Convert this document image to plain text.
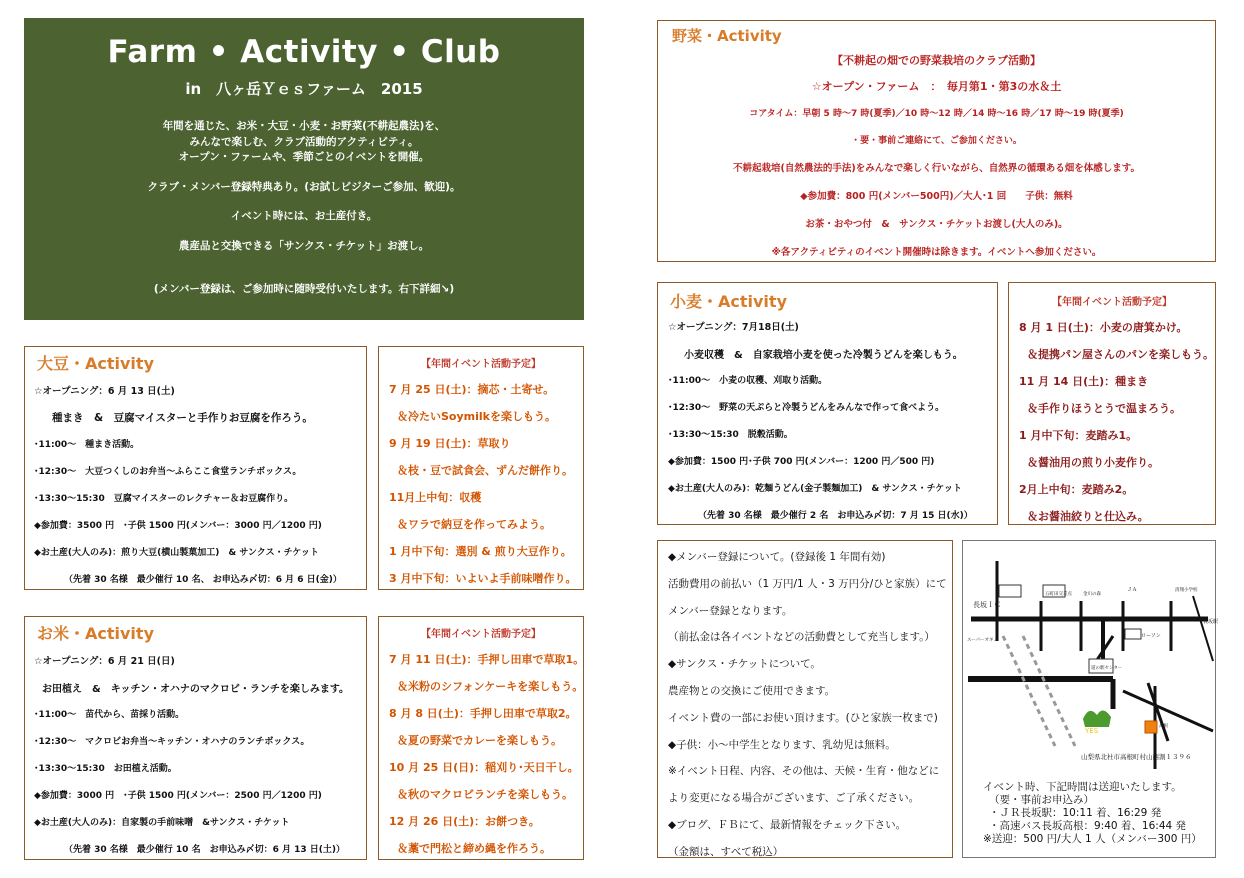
Farm • Activity • Club
in　八ヶ岳Ｙｅｓファーム　2015
年間を通じた、お米・大豆・小麦・お野菜(不耕起農法)を、
みんなで楽しむ、クラブ活動的アクティビティ。
オープン・ファームや、季節ごとのイベントを開催。
クラブ・メンバー登録特典あり。(お試しビジターご参加、歓迎)。
イベント時には、お土産付き。
農産品と交換できる「サンクス・チケット」お渡し。
(メンバー登録は、ご参加時に随時受付いたします。右下詳細↘)
大豆・Activity
☆オープニング：6 月 13 日(土)
種まき　&　豆腐マイスターと手作りお豆腐を作ろう。
･11:00～　種まき活動。
･12:30～　大豆つくしのお弁当～ふらここ食堂ランチボックス。
･13:30～15:30　豆腐マイスターのレクチャー＆お豆腐作り。
◆参加費：3500 円　･子供 1500 円(メンバー：3000 円／1200 円)
◆お土産(大人のみ)：煎り大豆(横山製菓加工)　& サンクス・チケット
（先着 30 名様　最少催行 10 名、 お申込み〆切：6 月 6 日(金)）
【年間イベント活動予定】
7 月 25 日(土)：摘芯・土寄せ。
＆冷たいSoymilkを楽しもう。
9 月 19 日(土)：草取り
＆枝・豆で試食会、ずんだ餅作り。
11月上中旬：収穫
＆ワラで納豆を作ってみよう。
1 月中下旬：選別 & 煎り大豆作り。
3 月中下旬：いよいよ手前味噌作り。
お米・Activity
☆オープニング：6 月 21 日(日)
お田植え　&　キッチン・オハナのマクロビ・ランチを楽しみます。
･11:00～　苗代から、苗採り活動。
･12:30～　マクロビお弁当～キッチン・オハナのランチボックス。
･13:30～15:30　お田植え活動。
◆参加費：3000 円　･子供 1500 円(メンバー：2500 円／1200 円)
◆お土産(大人のみ)：自家製の手前味噌　&サンクス・チケット
（先着 30 名様　最少催行 10 名　お申込み〆切：6 月 13 日(土)）
【年間イベント活動予定】
7 月 11 日(土)：手押し田車で草取1。
＆米粉のシフォンケーキを楽しもう。
8 月 8 日(土)：手押し田車で草取2。
＆夏の野菜でカレーを楽しもう。
10 月 25 日(日)：稲刈り･天日干し。
＆秋のマクロビランチを楽しもう。
12 月 26 日(土)：お餅つき。
＆藁で門松と締め縄を作ろう。
野菜・Activity
【不耕起の畑での野菜栽培のクラブ活動】
☆オープン・ファーム　：　毎月第1・第3の水＆土
コアタイム：早朝 5 時～7 時(夏季)／10 時～12 時／14 時～16 時／17 時～19 時(夏季)
・要・事前ご連絡にて、ご参加ください。
不耕起栽培(自然農法的手法)をみんなで楽しく行いながら、自然界の循環ある畑を体感します。
◆参加費：800 円(メンバー500円)／大人･1 回　　子供：無料
お茶・おやつ付　&　サンクス・チケットお渡し(大人のみ)。
※各アクティビティのイベント開催時は除きます。イベントへ参加ください。
小麦・Activity
☆オープニング：7月18日(土)
小麦収穫　&　自家栽培小麦を使った冷製うどんを楽しもう。
･11:00～　小麦の収穫、刈取り活動。
･12:30～　野菜の天ぷらと冷製うどんをみんなで作って食べよう。
･13:30～15:30　脱穀活動。
◆参加費：1500 円･子供 700 円(メンバー：1200 円／500 円)
◆お土産(大人のみ)：乾麺うどん(金子製麺加工)　& サンクス・チケット
（先着 30 名様　最少催行 2 名　お申込み〆切：7 月 15 日(水)）
【年間イベント活動予定】
8 月 1 日(土)：小麦の唐箕かけ。
＆提携パン屋さんのパンを楽しもう。
11 月 14 日(土)：種まき
＆手作りほうとうで温まろう。
1 月中下旬：麦踏み1。
＆醤油用の煎り小麦作り。
2月上中旬：麦踏み2。
＆お醤油絞りと仕込み。
◆メンバー登録について。(登録後 1 年間有効)
活動費用の前払い（1 万円/1 人・3 万円分/ひと家族）にて
メンバー登録となります。
（前払金は各イベントなどの活動費として充当します。）
◆サンクス・チケットについて。
農産物との交換にご使用できます。
イベント費の一部にお使い頂けます。(ひと家族一枚まで)
◆子供：小～中学生となります、乳幼児は無料。
※イベント日程、内容、その他は、天候・生育・他などに
より変更になる場合がございます、ご了承ください。
◆ブログ、ＦＢにて、最新情報をチェック下さい。
（金額は、すべて税込）
YES
長坂ＩＣ
五町田交差点 金川の森
ＪＡ
スーパーオギノ
ローソン
清翔小学校
道の駅センター
長坂駅
高根
山梨県北杜市高根町村山西割１３９６
イベント時、下記時間は送迎いたします。
（要・事前お申込み）
・ＪＲ長坂駅：10:11 着、16:29 発
・高速バス長坂高根：9:40 着、16:44 発
※送迎：500 円/大人 1 人（メンバー300 円）
